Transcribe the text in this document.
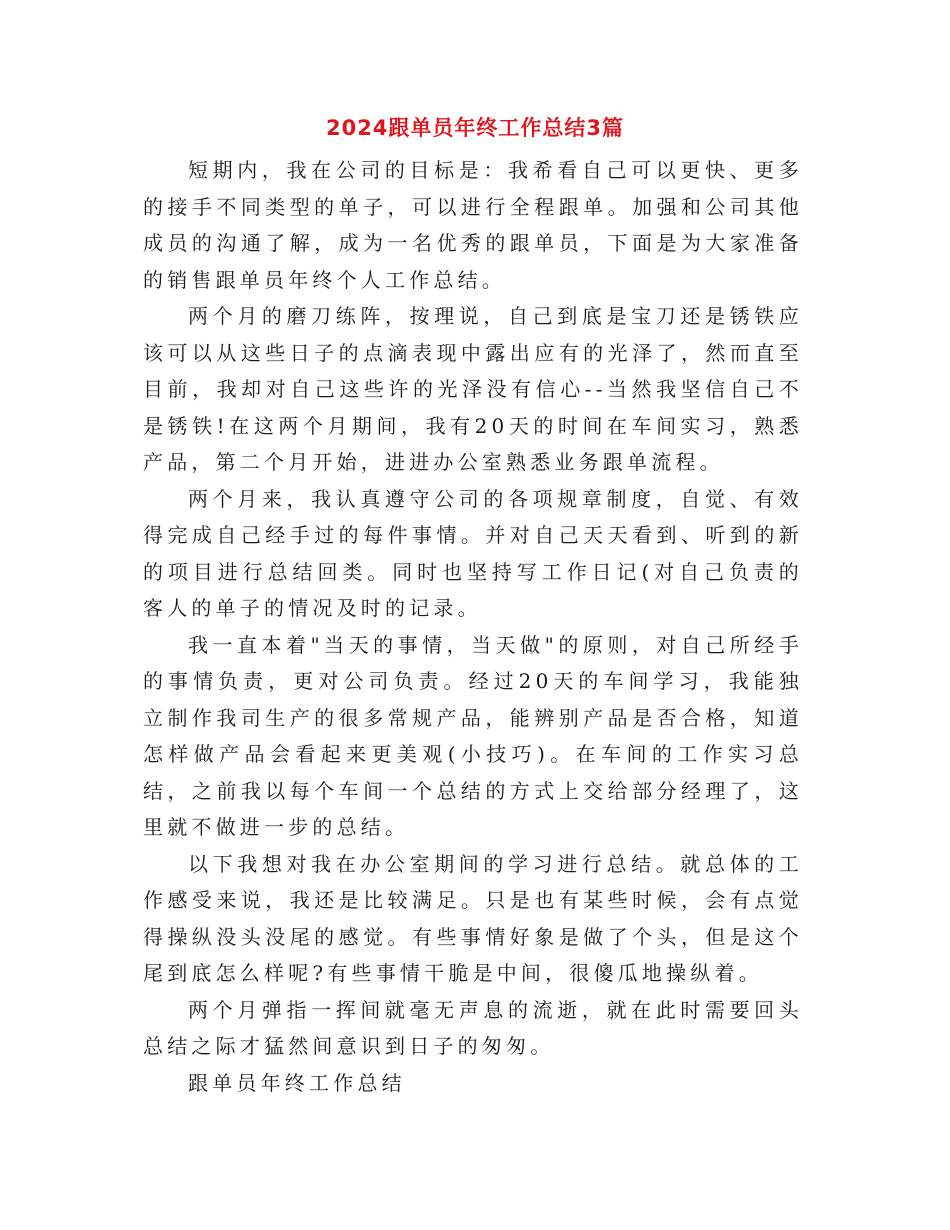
2024跟单员年终工作总结3篇

短期内，我在公司的目标是：我希看自己可以更快、更多的接手不同类型的单子，可以进行全程跟单。加强和公司其他成员的沟通了解，成为一名优秀的跟单员，下面是为大家准备的销售跟单员年终个人工作总结。

两个月的磨刀练阵，按理说，自己到底是宝刀还是锈铁应该可以从这些日子的点滴表现中露出应有的光泽了，然而直至目前，我却对自己这些许的光泽没有信心--当然我坚信自己不是锈铁!在这两个月期间，我有20天的时间在车间实习，熟悉产品，第二个月开始，进进办公室熟悉业务跟单流程。

两个月来，我认真遵守公司的各项规章制度，自觉、有效得完成自己经手过的每件事情。并对自己天天看到、听到的新的项目进行总结回类。同时也坚持写工作日记(对自己负责的客人的单子的情况及时的记录。

我一直本着"当天的事情，当天做"的原则，对自己所经手的事情负责，更对公司负责。经过20天的车间学习，我能独立制作我司生产的很多常规产品，能辨别产品是否合格，知道怎样做产品会看起来更美观(小技巧)。在车间的工作实习总结，之前我以每个车间一个总结的方式上交给部分经理了，这里就不做进一步的总结。

以下我想对我在办公室期间的学习进行总结。就总体的工作感受来说，我还是比较满足。只是也有某些时候，会有点觉得操纵没头没尾的感觉。有些事情好象是做了个头，但是这个尾到底怎么样呢?有些事情干脆是中间，很傻瓜地操纵着。

两个月弹指一挥间就毫无声息的流逝，就在此时需要回头总结之际才猛然间意识到日子的匆匆。

跟单员年终工作总结
